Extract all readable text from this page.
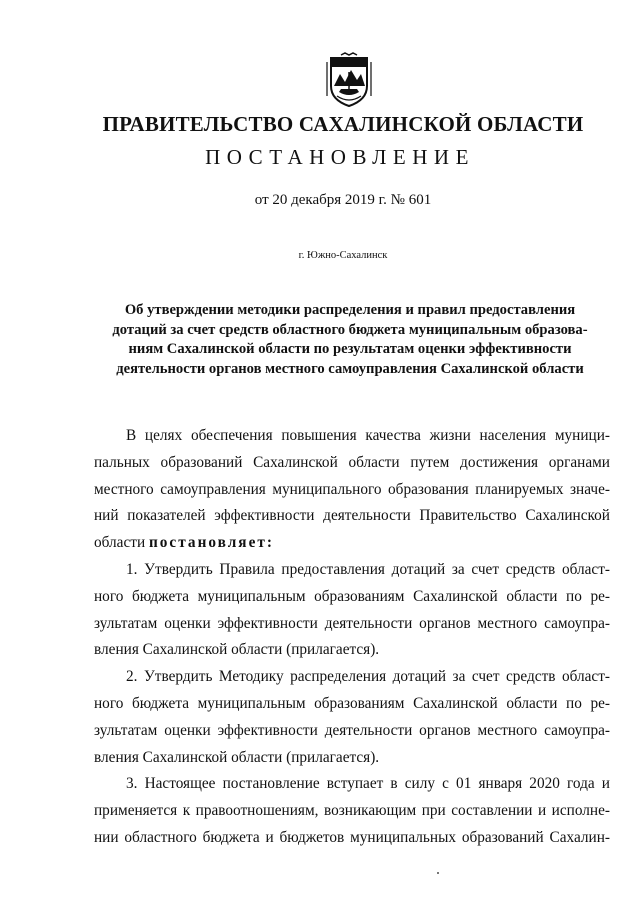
ПРАВИТЕЛЬСТВО САХАЛИНСКОЙ ОБЛАСТИ
ПОСТАНОВЛЕНИЕ
от 20 декабря 2019 г. № 601
г. Южно-Сахалинск
Об утверждении методики распределения и правил предоставления
дотаций за счет средств областного бюджета муниципальным образова-
ниям Сахалинской области по результатам оценки эффективности
деятельности органов местного самоуправления Сахалинской области
В целях обеспечения повышения качества жизни населения муници-
пальных образований Сахалинской области путем достижения органами
местного самоуправления муниципального образования планируемых значе-
ний показателей эффективности деятельности Правительство Сахалинской
области постановляет:
1. Утвердить Правила предоставления дотаций за счет средств област-
ного бюджета муниципальным образованиям Сахалинской области по ре-
зультатам оценки эффективности деятельности органов местного самоупра-
вления Сахалинской области (прилагается).
2. Утвердить Методику распределения дотаций за счет средств област-
ного бюджета муниципальным образованиям Сахалинской области по ре-
зультатам оценки эффективности деятельности органов местного самоупра-
вления Сахалинской области (прилагается).
3. Настоящее постановление вступает в силу с 01 января 2020 года и
применяется к правоотношениям, возникающим при составлении и исполне-
нии областного бюджета и бюджетов муниципальных образований Сахалин-
